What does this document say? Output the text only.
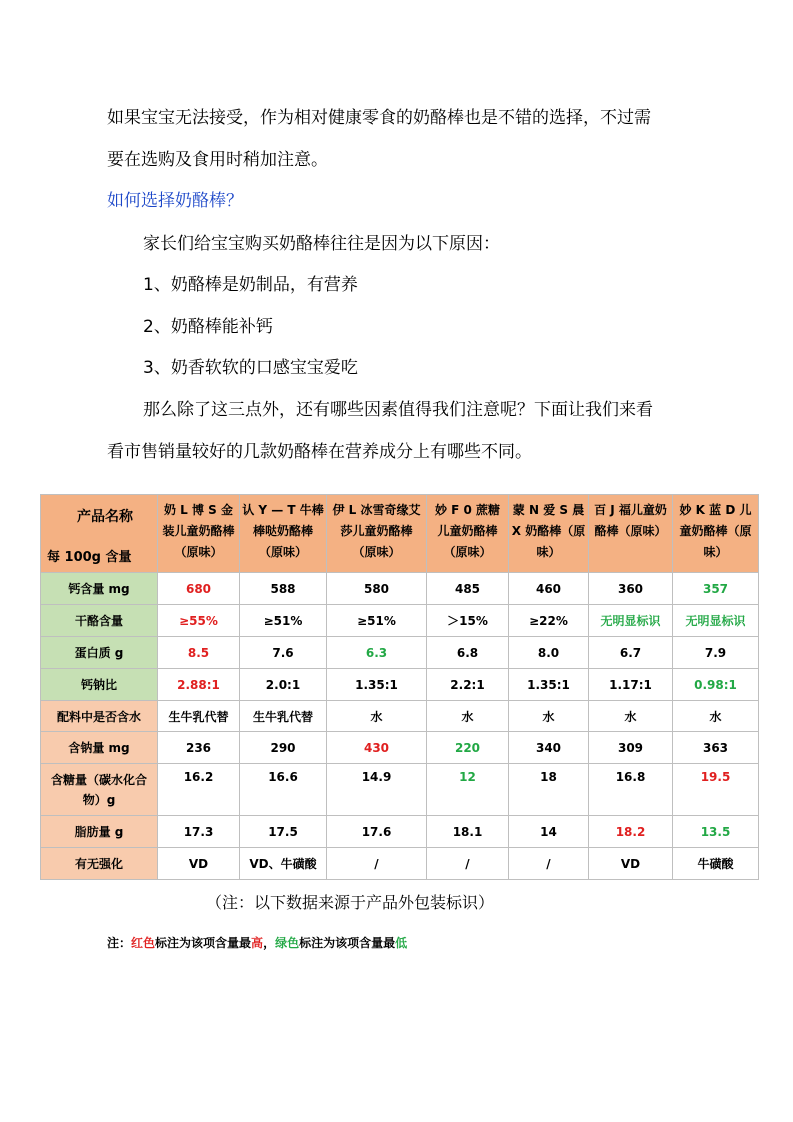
如果宝宝无法接受，作为相对健康零食的奶酪棒也是不错的选择，不过需

要在选购及食用时稍加注意。

如何选择奶酪棒？

家长们给宝宝购买奶酪棒往往是因为以下原因：

1、奶酪棒是奶制品，有营养

2、奶酪棒能补钙

3、奶香软软的口感宝宝爱吃

那么除了这三点外，还有哪些因素值得我们注意呢？下面让我们来看

看市售销量较好的几款奶酪棒在营养成分上有哪些不同。

产品名称
每 100g 含量	奶 L 博 S 金装儿童奶酪棒（原味）	认 Y — T 牛棒棒哒奶酪棒（原味）	伊 L 冰雪奇缘艾莎儿童奶酪棒（原味）	妙 F 0 蔗糖儿童奶酪棒（原味）	蒙 N 爱 S 晨 X 奶酪棒（原味）	百 J 福儿童奶酪棒（原味）	妙 K 蓝 D 儿童奶酪棒（原味）
钙含量 mg	680	588	580	485	460	360	357
干酪含量	≥55%	≥51%	≥51%	＞15%	≥22%	无明显标识	无明显标识
蛋白质 g	8.5	7.6	6.3	6.8	8.0	6.7	7.9
钙钠比	2.88:1	2.0:1	1.35:1	2.2:1	1.35:1	1.17:1	0.98:1
配料中是否含水	生牛乳代替	生牛乳代替	水	水	水	水	水
含钠量 mg	236	290	430	220	340	309	363
含糖量（碳水化合物）g	16.2	16.6	14.9	12	18	16.8	19.5
脂肪量 g	17.3	17.5	17.6	18.1	14	18.2	13.5
有无强化	VD	VD、牛磺酸	/	/	/	VD	牛磺酸
（注：以下数据来源于产品外包装标识）
注：红色标注为该项含量最高，绿色标注为该项含量最低
